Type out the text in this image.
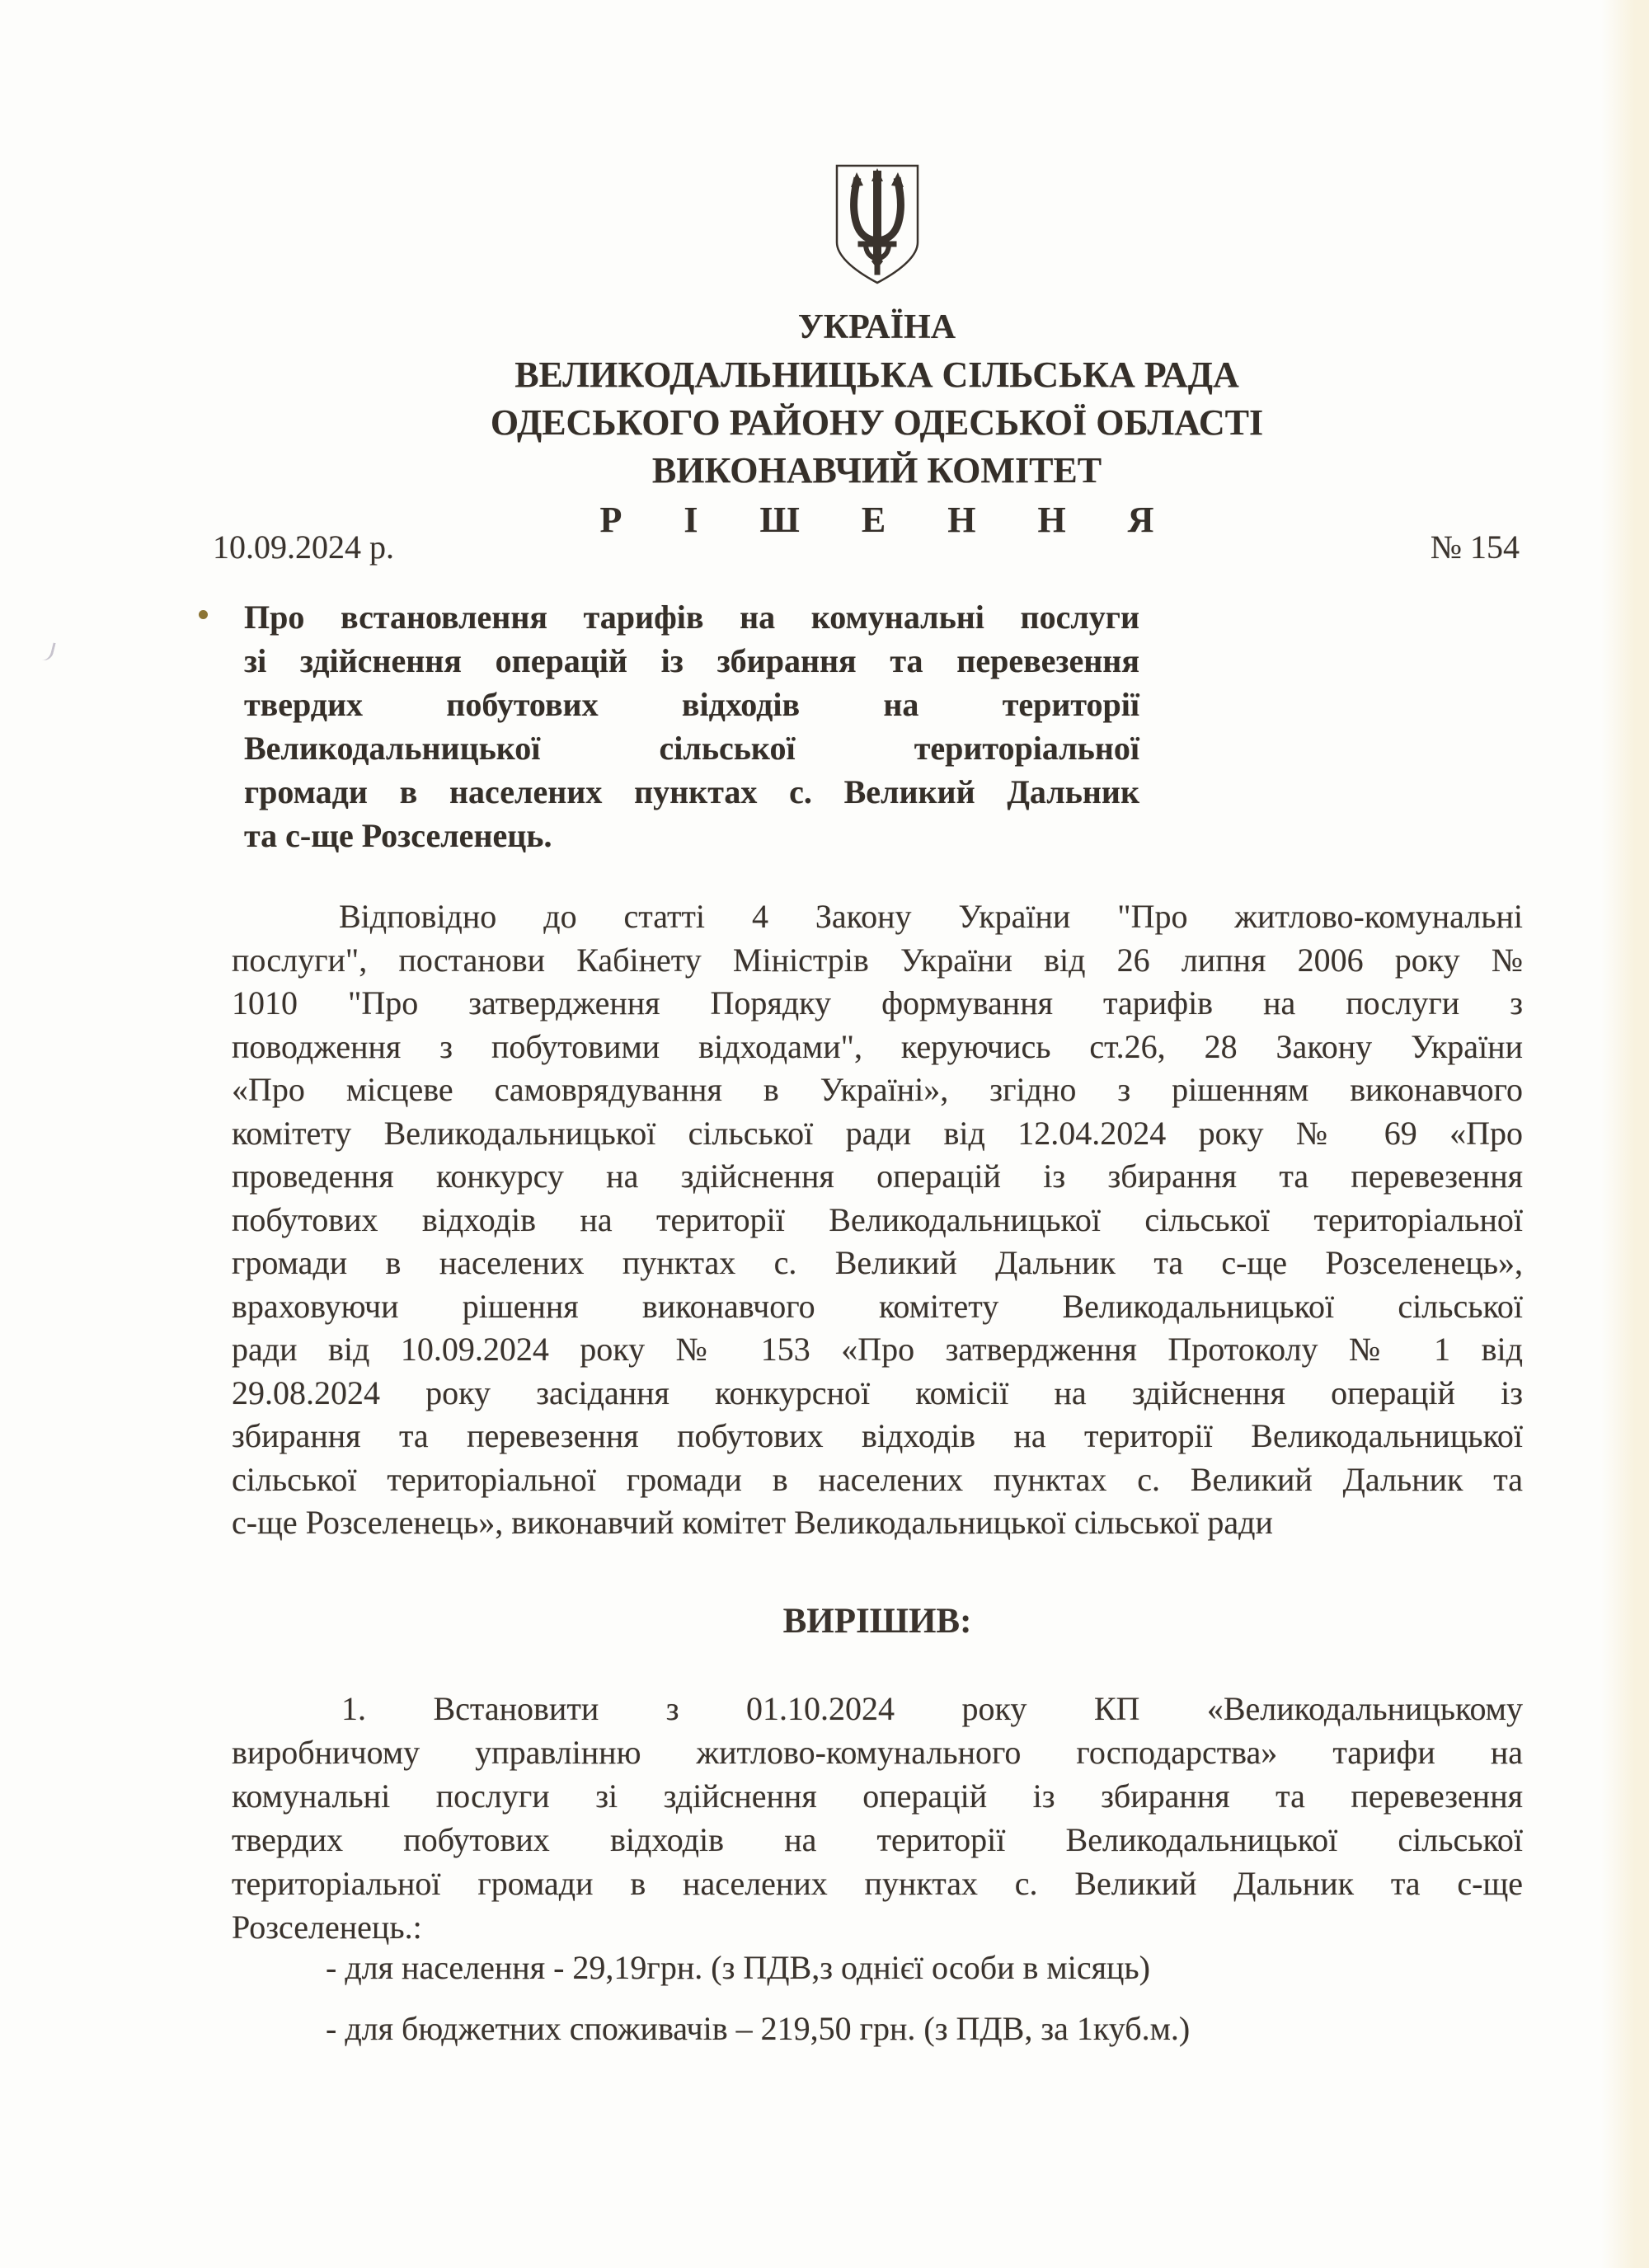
УКРАЇНА
ВЕЛИКОДАЛЬНИЦЬКА СІЛЬСЬКА РАДА
ОДЕСЬКОГО РАЙОНУ ОДЕСЬКОЇ ОБЛАСТІ
ВИКОНАВЧИЙ КОМІТЕТ
Р І Ш Е Н Н Я
10.09.2024 р.	№ 154
Про встановлення тарифів на комунальні послуги
зі здійснення операцій із збирання та перевезення
твердих побутових відходів на території
Великодальницької сільської територіальної
громади в населених пунктах с. Великий Дальник
та с-ще Розселенець.
Відповідно до статті 4 Закону України "Про житлово-комунальні
послуги", постанови Кабінету Міністрів України від 26 липня 2006 року №
1010 "Про затвердження Порядку формування тарифів на послуги з
поводження з побутовими відходами", керуючись ст.26, 28 Закону України
«Про місцеве самоврядування в Україні», згідно з рішенням виконавчого
комітету Великодальницької сільської ради від 12.04.2024 року № 69 «Про
проведення конкурсу на здійснення операцій із збирання та перевезення
побутових відходів на території Великодальницької сільської територіальної
громади в населених пунктах с. Великий Дальник та с-ще Розселенець»,
враховуючи рішення виконавчого комітету Великодальницької сільської
ради від 10.09.2024 року № 153 «Про затвердження Протоколу № 1 від
29.08.2024 року засідання конкурсної комісії на здійснення операцій із
збирання та перевезення побутових відходів на території Великодальницької
сільської територіальної громади в населених пунктах с. Великий Дальник та
с-ще Розселенець», виконавчий комітет Великодальницької сільської ради
ВИРІШИВ:
1. Встановити з 01.10.2024 року КП «Великодальницькому
виробничому управлінню житлово-комунального господарства» тарифи на
комунальні послуги зі здійснення операцій із збирання та перевезення
твердих побутових відходів на території Великодальницької сільської
територіальної громади в населених пунктах с. Великий Дальник та с-ще
Розселенець.:
- для населення - 29,19грн. (з ПДВ,з однієї особи в місяць)
- для бюджетних споживачів – 219,50 грн. (з ПДВ, за 1куб.м.)
